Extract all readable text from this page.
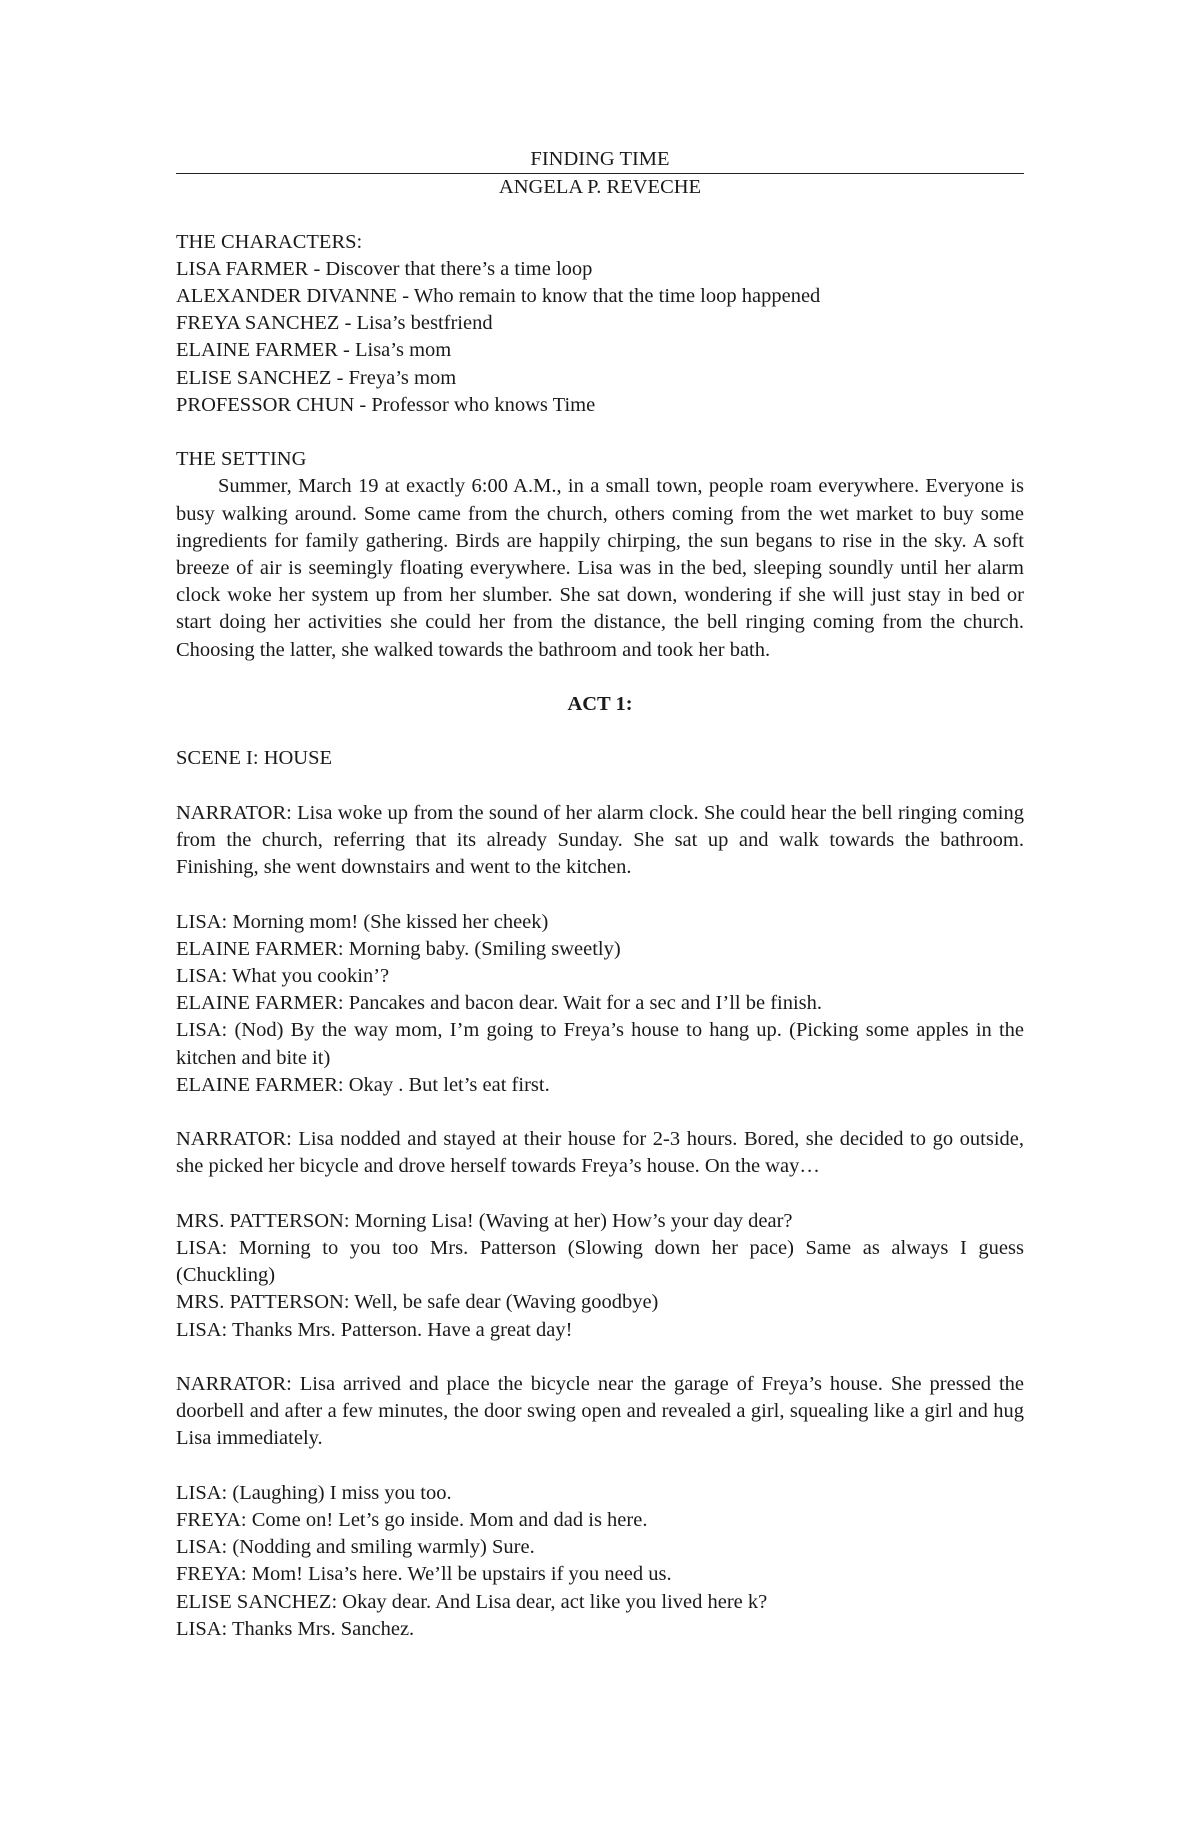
FINDING TIME

ANGELA P. REVECHE

THE CHARACTERS:

LISA FARMER - Discover that there’s a time loop

ALEXANDER DIVANNE - Who remain to know that the time loop happened

FREYA SANCHEZ - Lisa’s bestfriend

ELAINE FARMER - Lisa’s mom

ELISE SANCHEZ - Freya’s mom

PROFESSOR CHUN - Professor who knows Time

THE SETTING

Summer, March 19 at exactly 6:00 A.M., in a small town, people roam everywhere. Everyone is busy walking around. Some came from the church, others coming from the wet market to buy some ingredients for family gathering. Birds are happily chirping, the sun begans to rise in the sky. A soft breeze of air is seemingly floating everywhere. Lisa was in the bed, sleeping soundly until her alarm clock woke her system up from her slumber. She sat down, wondering if she will just stay in bed or start doing her activities she could her from the distance, the bell ringing coming from the church. Choosing the latter, she walked towards the bathroom and took her bath.

ACT 1:

SCENE I: HOUSE

NARRATOR: Lisa woke up from the sound of her alarm clock. She could hear the bell ringing coming from the church, referring that its already Sunday. She sat up and walk towards the bathroom. Finishing, she went downstairs and went to the kitchen.

LISA: Morning mom! (She kissed her cheek)

ELAINE FARMER: Morning baby. (Smiling sweetly)

LISA: What you cookin’?

ELAINE FARMER: Pancakes and bacon dear. Wait for a sec and I’ll be finish.

LISA: (Nod) By the way mom, I’m going to Freya’s house to hang up. (Picking some apples in the kitchen and bite it)

ELAINE FARMER: Okay . But let’s eat first.

NARRATOR: Lisa nodded and stayed at their house for 2-3 hours. Bored, she decided to go outside, she picked her bicycle and drove herself towards Freya’s house. On the way…

MRS. PATTERSON: Morning Lisa! (Waving at her) How’s your day dear?

LISA: Morning to you too Mrs. Patterson (Slowing down her pace) Same as always I guess (Chuckling)

MRS. PATTERSON: Well, be safe dear (Waving goodbye)

LISA: Thanks Mrs. Patterson. Have a great day!

NARRATOR: Lisa arrived and place the bicycle near the garage of Freya’s house. She pressed the doorbell and after a few minutes, the door swing open and revealed a girl, squealing like a girl and hug Lisa immediately.

LISA: (Laughing) I miss you too.

FREYA: Come on! Let’s go inside. Mom and dad is here.

LISA: (Nodding and smiling warmly) Sure.

FREYA: Mom! Lisa’s here. We’ll be upstairs if you need us.

ELISE SANCHEZ: Okay dear. And Lisa dear, act like you lived here k?

LISA: Thanks Mrs. Sanchez.
